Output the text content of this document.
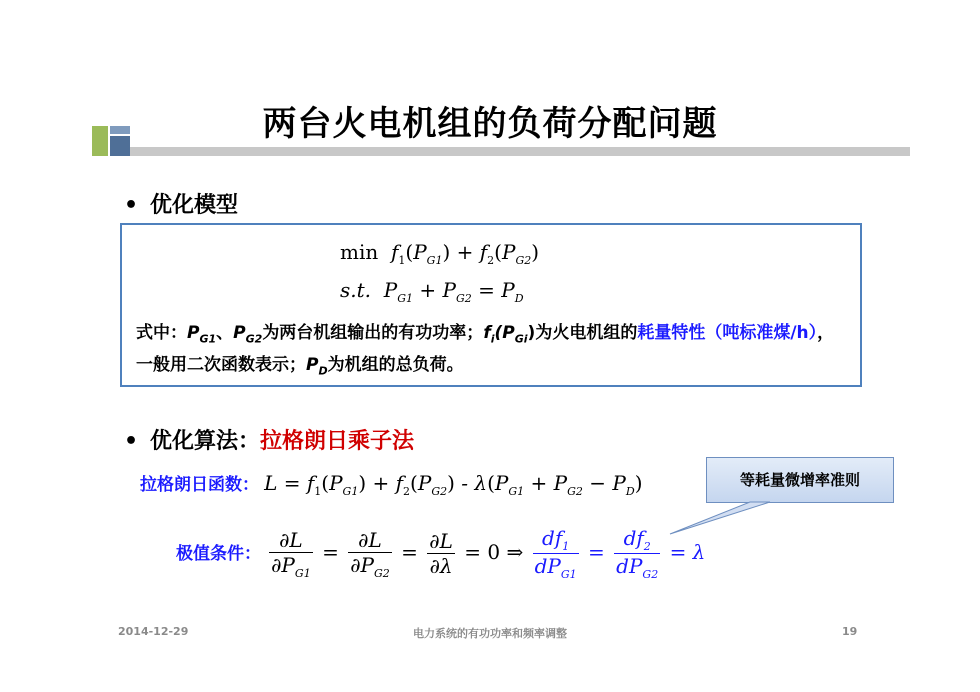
两台火电机组的负荷分配问题
• 优化模型
$\min f_1(P_{G1}) + f_2(P_{G2})$
s.t. $P_{G1} + P_{G2} = P_D$
式中：$P_{G1}$、$P_{G2}$为两台机组输出的有功功率；$f_i(P_{Gi})$为火电机组的耗量特性（吨标准煤/h），一般用二次函数表示；$P_D$为机组的总负荷。
• 优化算法：拉格朗日乘子法
拉格朗日函数： $L = f_1(P_{G1}) + f_2(P_{G2}) - \lambda(P_{G1} + P_{G2} - P_D)$	等耗量微增率准则
极值条件： $\frac{\partial L}{\partial P_{G1}} = \frac{\partial L}{\partial P_{G2}} = \frac{\partial L}{\partial\lambda} = 0$ ⇒ $\frac{df_1}{dP_{G1}} = \frac{df_2}{dP_{G2}} = \lambda$
2014-12-29	电力系统的有功功率和频率调整	19
